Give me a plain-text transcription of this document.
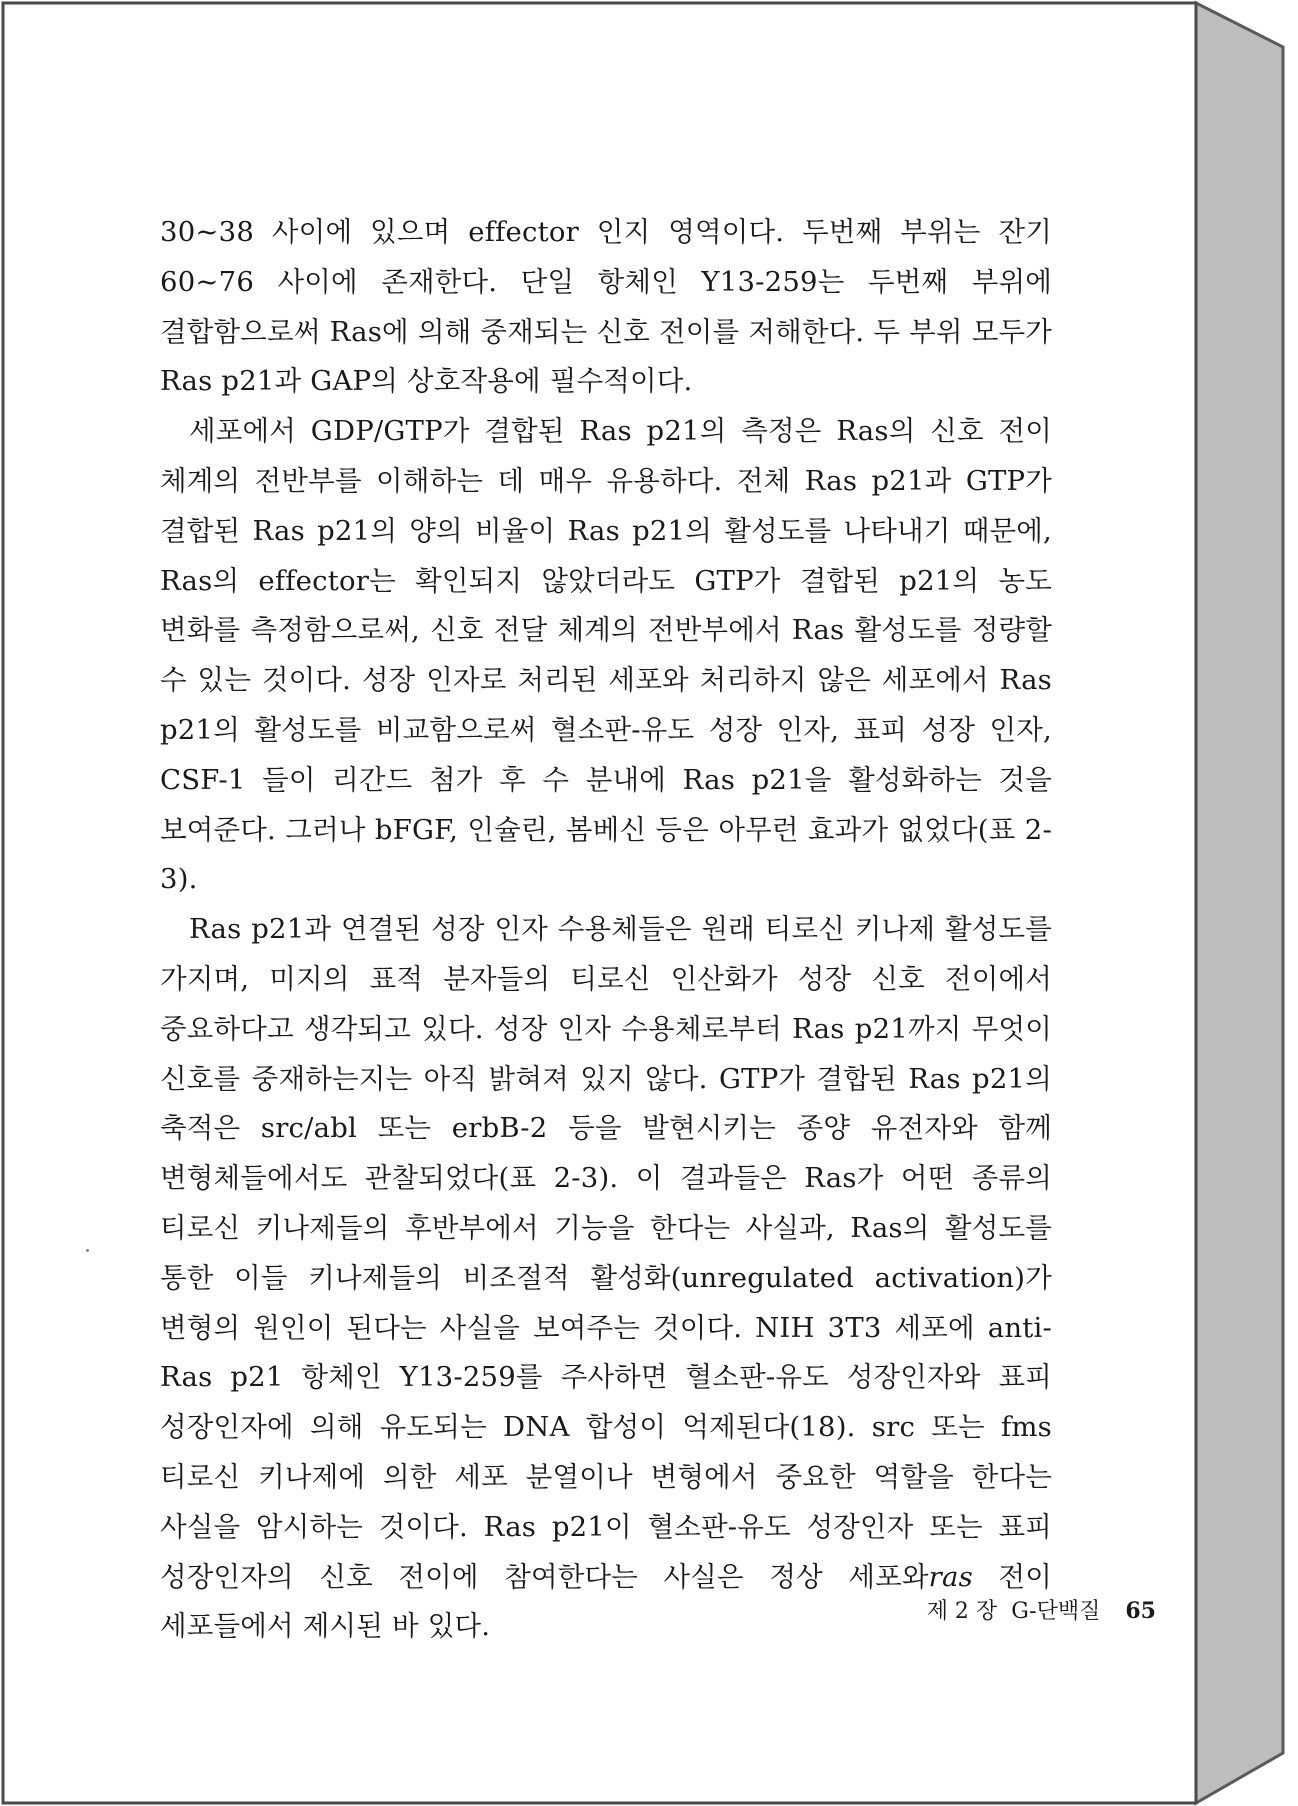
30~38 사이에 있으며 effector 인지 영역이다. 두번째 부위는 잔기 60~76 사이에 존재한다. 단일 항체인 Y13-259는 두번째 부위에 결합함으로써 Ras에 의해 중재되는 신호 전이를 저해한다. 두 부위 모두가 Ras p21과 GAP의 상호작용에 필수적이다.

세포에서 GDP/GTP가 결합된 Ras p21의 측정은 Ras의 신호 전이 체계의 전반부를 이해하는 데 매우 유용하다. 전체 Ras p21과 GTP가 결합된 Ras p21의 양의 비율이 Ras p21의 활성도를 나타내기 때문에, Ras의 effector는 확인되지 않았더라도 GTP가 결합된 p21의 농도 변화를 측정함으로써, 신호 전달 체계의 전반부에서 Ras 활성도를 정량할 수 있는 것이다. 성장 인자로 처리된 세포와 처리하지 않은 세포에서 Ras p21의 활성도를 비교함으로써 혈소판-유도 성장 인자, 표피 성장 인자, CSF-1 들이 리간드 첨가 후 수 분내에 Ras p21을 활성화하는 것을 보여준다. 그러나 bFGF, 인슐린, 봄베신 등은 아무런 효과가 없었다(표 2-3).

Ras p21과 연결된 성장 인자 수용체들은 원래 티로신 키나제 활성도를 가지며, 미지의 표적 분자들의 티로신 인산화가 성장 신호 전이에서 중요하다고 생각되고 있다. 성장 인자 수용체로부터 Ras p21까지 무엇이 신호를 중재하는지는 아직 밝혀져 있지 않다. GTP가 결합된 Ras p21의 축적은 src/abl 또는 erbB-2 등을 발현시키는 종양 유전자와 함께 변형체들에서도 관찰되었다(표 2-3). 이 결과들은 Ras가 어떤 종류의 티로신 키나제들의 후반부에서 기능을 한다는 사실과, Ras의 활성도를 통한 이들 키나제들의 비조절적 활성화(unregulated activation)가 변형의 원인이 된다는 사실을 보여주는 것이다. NIH 3T3 세포에 anti-Ras p21 항체인 Y13-259를 주사하면 혈소판-유도 성장인자와 표피 성장인자에 의해 유도되는 DNA 합성이 억제된다(18). src 또는 fms 티로신 키나제에 의한 세포 분열이나 변형에서 중요한 역할을 한다는 사실을 암시하는 것이다. Ras p21이 혈소판-유도 성장인자 또는 표피 성장인자의 신호 전이에 참여한다는 사실은 정상 세포와ras 전이 세포들에서 제시된 바 있다.	제 2 장 G-단백질 65
